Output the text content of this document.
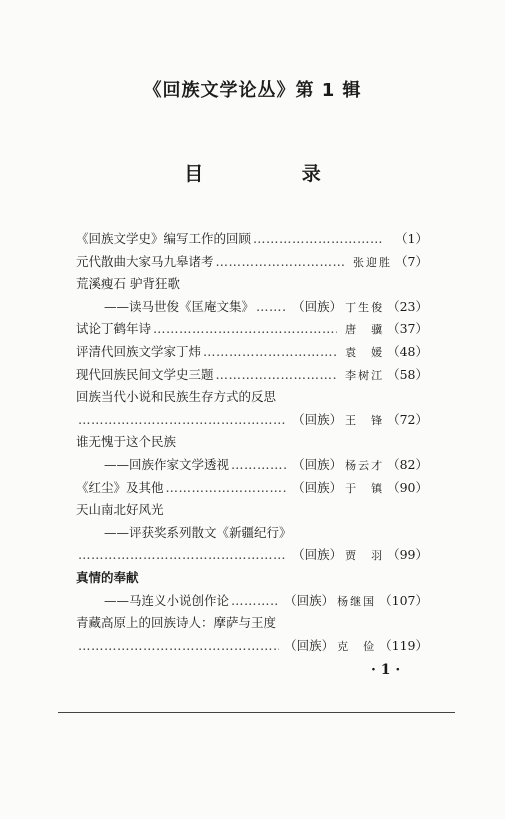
《回族文学论丛》第 1 辑
目 录
《回族文学史》编写工作的回顾 ……………………………………………………………………………………………………………………………………………………	（1）
元代散曲大家马九皋诸考 ……………………………………………………………………………………………………………………………………………………	张迎胜 （7）
荒溪瘦石 驴背狂歌
——读马世俊《匡庵文集》 ……………………………………………………………………………………………………………………………………………………	（回族） 丁生俊 （23）
试论丁鹤年诗 ……………………………………………………………………………………………………………………………………………………	唐　骥 （37）
评清代回族文学家丁炜 ……………………………………………………………………………………………………………………………………………………	袁　媛 （48）
现代回族民间文学史三题 ……………………………………………………………………………………………………………………………………………………	李树江 （58）
回族当代小说和民族生存方式的反思
……………………………………………………………………………………………………………………………………………………
（回族） 王　锋 （72）
谁无愧于这个民族
——回族作家文学透视 ……………………………………………………………………………………………………………………………………………………	（回族） 杨云才 （82）
《红尘》及其他 ……………………………………………………………………………………………………………………………………………………	（回族） 于　镇 （90）
天山南北好风光
——评获奖系列散文《新疆纪行》
……………………………………………………………………………………………………………………………………………………
（回族） 贾　羽 （99）
真情的奉献
——马连义小说创作论 ……………………………………………………………………………………………………………………………………………………	（回族） 杨继国 （107）
青藏高原上的回族诗人：摩萨与王度
……………………………………………………………………………………………………………………………………………………
（回族） 克　俭 （119）
· 1 ·
